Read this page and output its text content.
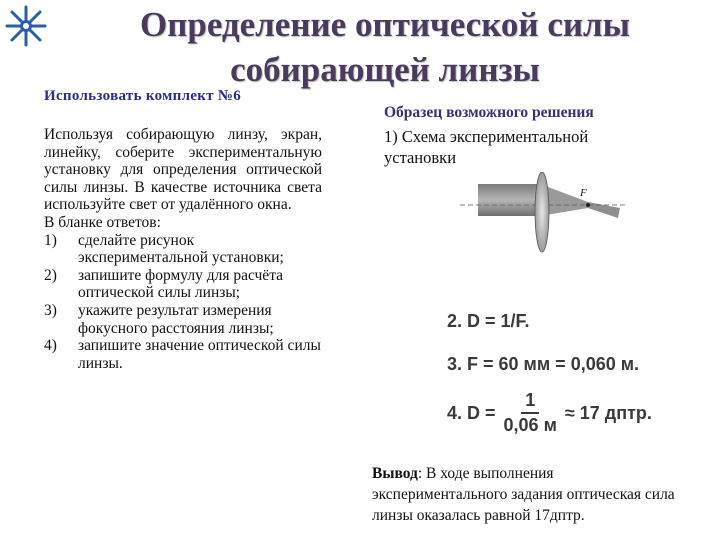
Определение оптической силы
собирающей линзы
Использовать комплект №6

Используя собирающую линзу, экран, линейку, соберите экспериментальную установку для определения оптической силы линзы. В качестве источника света используйте свет от удалённого окна.

В бланке ответов:

1)	сделайте рисунок экспериментальной установки;
2)	запишите формулу для расчёта оптической силы линзы;
3)	укажите результат измерения фокусного расстояния линзы;
4)	запишите значение оптической силы линзы.
Образец возможного решения
1) Схема экспериментальной установки
F
2. D = 1/F.
3. F = 60 мм = 0,060 м.
4. $D = \frac{1}{0,06 м} \approx 17$ дптр.
Вывод: В ходе выполнения экспериментального задания оптическая сила линзы оказалась равной 17дптр.
